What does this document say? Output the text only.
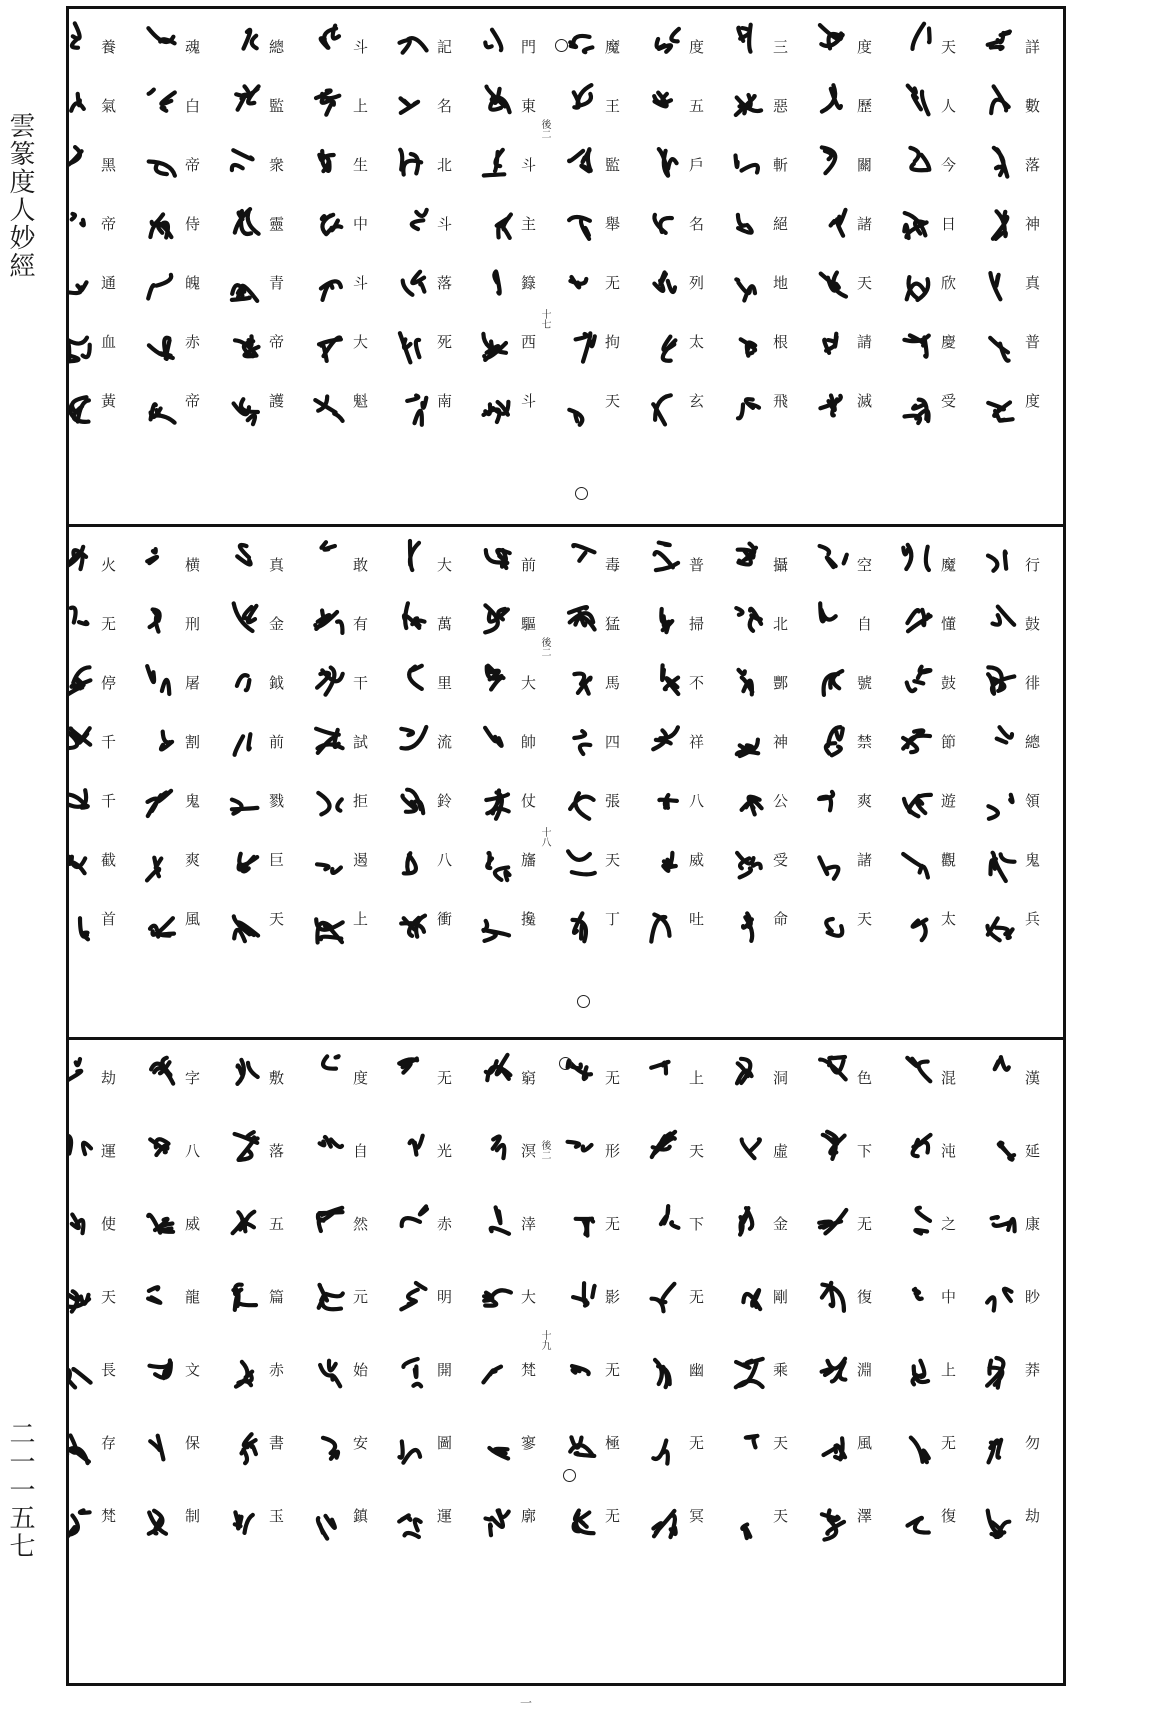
雲篆度人妙經
二一一五七
詳數落神真普度
天人今日欣慶受
度歷關諸天請滅
三惡斬絕地根飛
度五戶名列太玄
魔王監舉无拘天
門東斗主籙西斗
記名北斗落死南
斗上生中斗大魁
總監衆靈青帝護
魂白帝侍魄赤帝
養氣黑帝通血黃	後二
十七
行鼓徘總領鬼兵
魔懂鼓節遊觀太
空自號禁爽諸天
攝北酆神公受命
普掃不祥八威吐
毒猛馬四張天丁
前驅大帥仗旛攙
大萬里流鈴八衝
敢有干試拒遏上
真金鉞前戮巨天
横刑屠割鬼爽風
火无停千千截首	後二
十八
漢延康眇莽勿劫
混沌之中上无復
色下无復淵風澤
洞虛金剛乘天天
上天下无幽无冥
无形无影无極无
窮溟涬大梵寥廓
无光赤明開圖運
度自然元始安鎮
敷落五篇赤書玉
字八威龍文保制
劫運使天長存梵	後二
十九
一
